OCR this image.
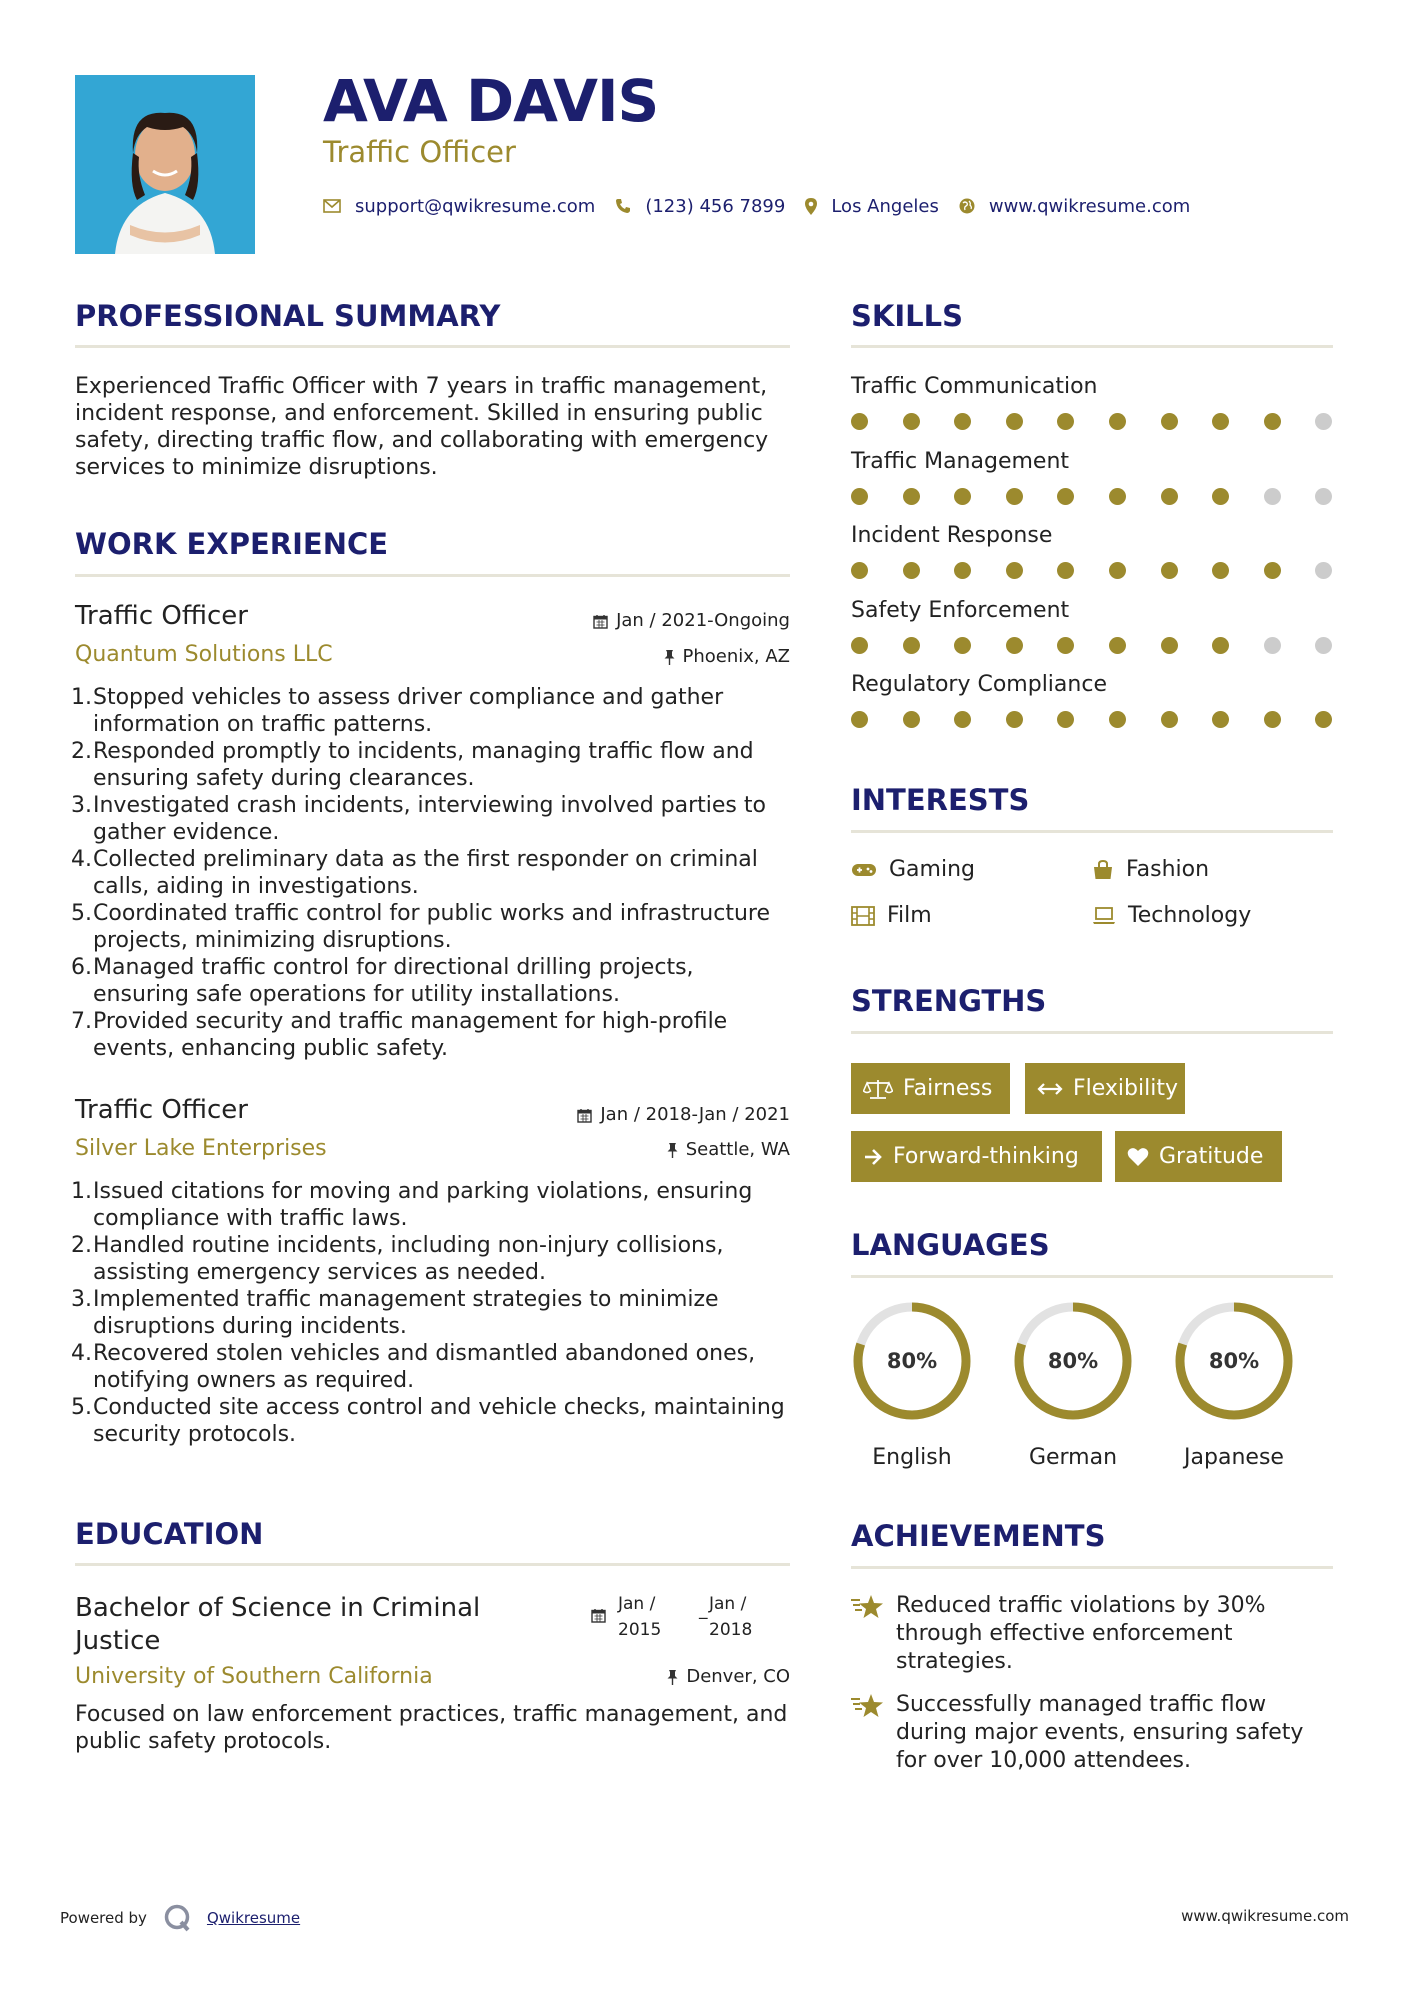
AVA DAVIS
Traffic Officer
support@qwikresume.com	(123) 456 7899	Los Angeles	www.qwikresume.com
PROFESSIONAL SUMMARY
Experienced Traffic Officer with 7 years in traffic management, incident response, and enforcement. Skilled in ensuring public safety, directing traffic flow, and collaborating with emergency services to minimize disruptions.
WORK EXPERIENCE
Traffic Officer	Jan / 2021-Ongoing
Quantum Solutions LLC	Phoenix, AZ
1. Stopped vehicles to assess driver compliance and gather information on traffic patterns.
2. Responded promptly to incidents, managing traffic flow and ensuring safety during clearances.
3. Investigated crash incidents, interviewing involved parties to gather evidence.
4. Collected preliminary data as the first responder on criminal calls, aiding in investigations.
5. Coordinated traffic control for public works and infrastructure projects, minimizing disruptions.
6. Managed traffic control for directional drilling projects, ensuring safe operations for utility installations.
7. Provided security and traffic management for high-profile events, enhancing public safety.
Traffic Officer	Jan / 2018-Jan / 2021
Silver Lake Enterprises	Seattle, WA
1. Issued citations for moving and parking violations, ensuring compliance with traffic laws.
2. Handled routine incidents, including non-injury collisions, assisting emergency services as needed.
3. Implemented traffic management strategies to minimize disruptions during incidents.
4. Recovered stolen vehicles and dismantled abandoned ones, notifying owners as required.
5. Conducted site access control and vehicle checks, maintaining security protocols.
EDUCATION
Bachelor of Science in Criminal Justice
Jan /
2015
_ Jan /
2018
University of Southern California	Denver, CO
Focused on law enforcement practices, traffic management, and public safety protocols.
SKILLS
Traffic Communication
Traffic Management
Incident Response
Safety Enforcement
Regulatory Compliance
INTERESTS
Gaming	Fashion
Film	Technology
STRENGTHS
Fairness	Flexibility
Forward-thinking	Gratitude
LANGUAGES
80%
English
80%
German
80%
Japanese
ACHIEVEMENTS
Reduced traffic violations by 30% through effective enforcement strategies.
Successfully managed traffic flow during major events, ensuring safety for over 10,000 attendees.
Powered by	Qwikresume	www.qwikresume.com
